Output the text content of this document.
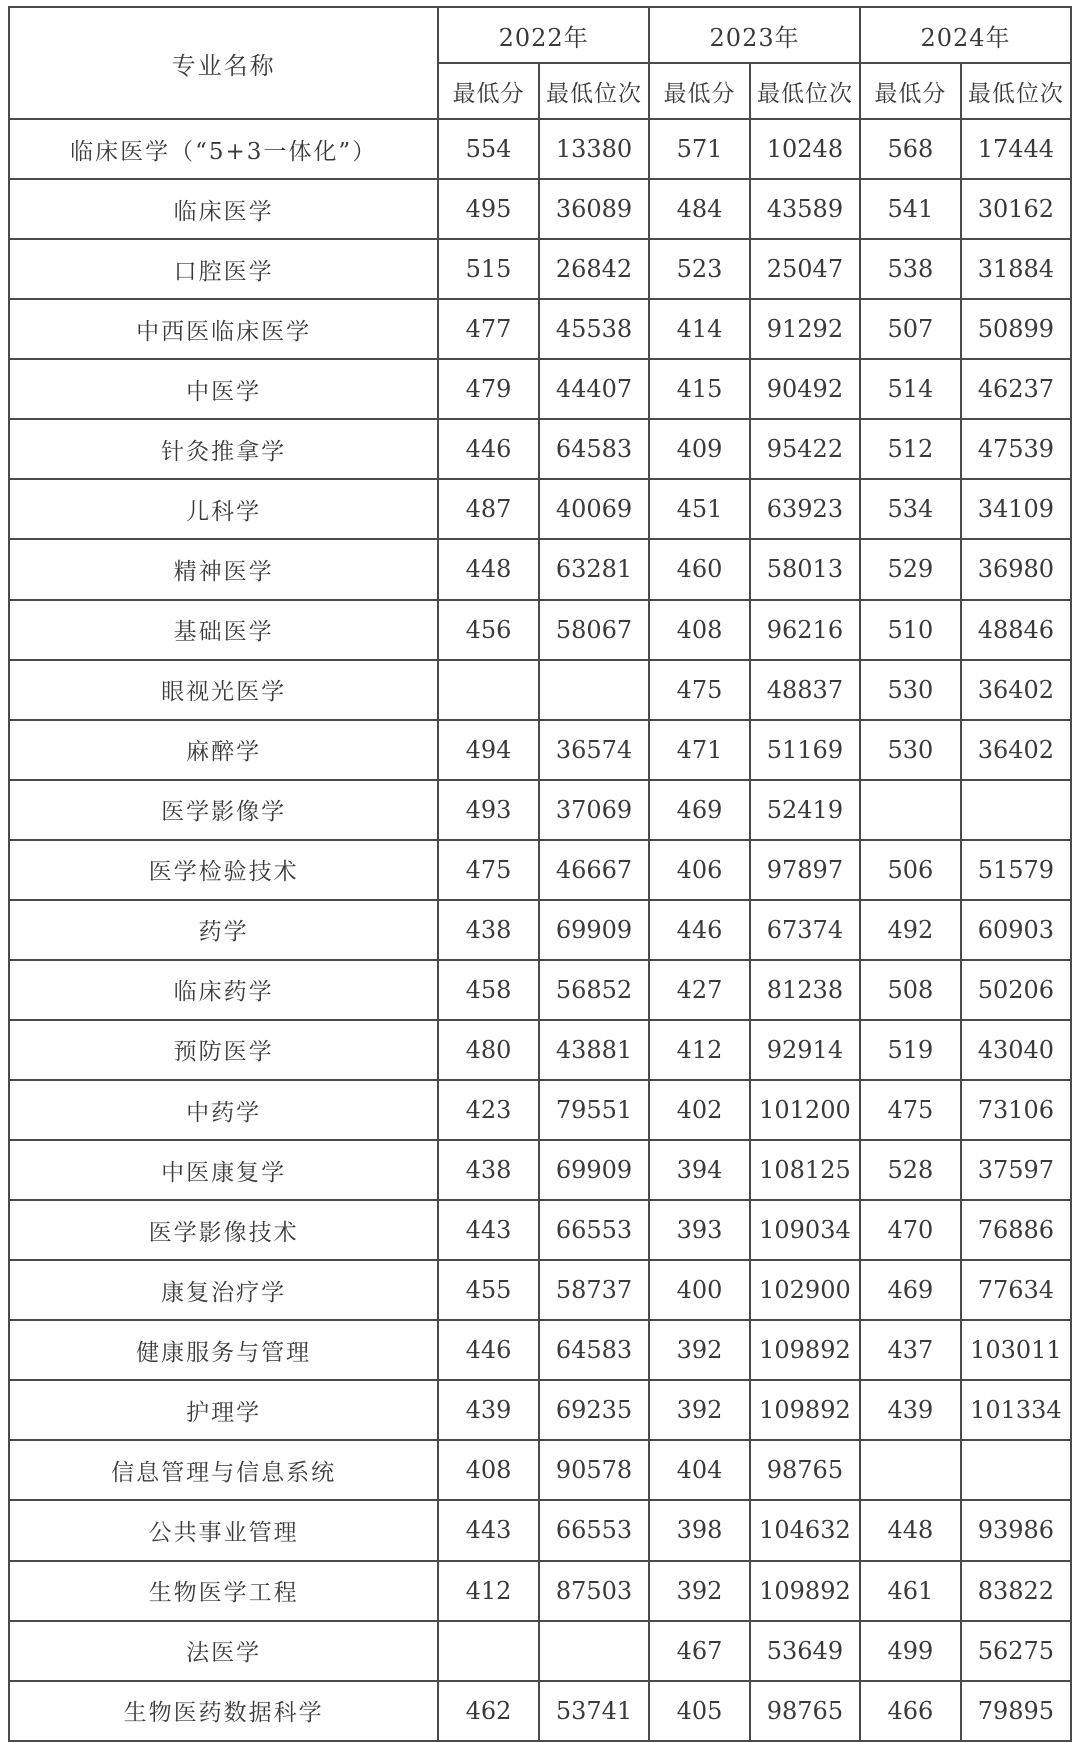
专业名称	2022年		2023年		2024年	
	最低分	最低位次	最低分	最低位次	最低分	最低位次
临床医学（“5+3一体化”）	554	13380	571	10248	568	17444
临床医学	495	36089	484	43589	541	30162
口腔医学	515	26842	523	25047	538	31884
中西医临床医学	477	45538	414	91292	507	50899
中医学	479	44407	415	90492	514	46237
针灸推拿学	446	64583	409	95422	512	47539
儿科学	487	40069	451	63923	534	34109
精神医学	448	63281	460	58013	529	36980
基础医学	456	58067	408	96216	510	48846
眼视光医学			475	48837	530	36402
麻醉学	494	36574	471	51169	530	36402
医学影像学	493	37069	469	52419		
医学检验技术	475	46667	406	97897	506	51579
药学	438	69909	446	67374	492	60903
临床药学	458	56852	427	81238	508	50206
预防医学	480	43881	412	92914	519	43040
中药学	423	79551	402	101200	475	73106
中医康复学	438	69909	394	108125	528	37597
医学影像技术	443	66553	393	109034	470	76886
康复治疗学	455	58737	400	102900	469	77634
健康服务与管理	446	64583	392	109892	437	103011
护理学	439	69235	392	109892	439	101334
信息管理与信息系统	408	90578	404	98765		
公共事业管理	443	66553	398	104632	448	93986
生物医学工程	412	87503	392	109892	461	83822
法医学			467	53649	499	56275
生物医药数据科学	462	53741	405	98765	466	79895
